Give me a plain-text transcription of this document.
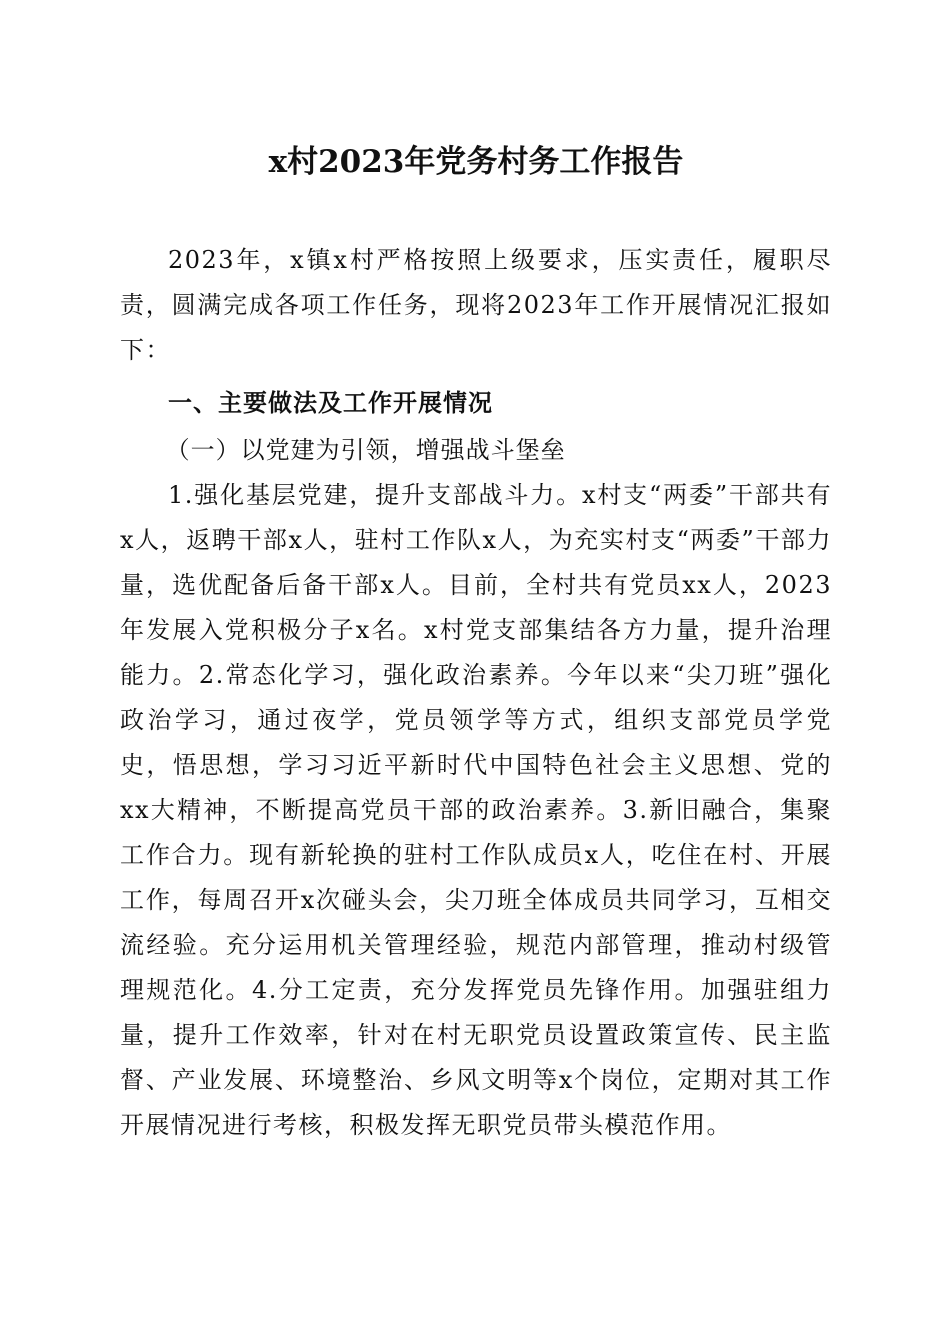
x村2023年党务村务工作报告

2023年，x镇x村严格按照上级要求，压实责任，履职尽责，圆满完成各项工作任务，现将2023年工作开展情况汇报如下：

一、主要做法及工作开展情况

（一）以党建为引领，增强战斗堡垒

1.强化基层党建，提升支部战斗力。x村支“两委”干部共有x人，返聘干部x人，驻村工作队x人，为充实村支“两委”干部力量，选优配备后备干部x人。目前，全村共有党员xx人，2023年发展入党积极分子x名。x村党支部集结各方力量，提升治理能力。2.常态化学习，强化政治素养。今年以来“尖刀班”强化政治学习，通过夜学，党员领学等方式，组织支部党员学党史，悟思想，学习习近平新时代中国特色社会主义思想、党的xx大精神，不断提高党员干部的政治素养。3.新旧融合，集聚工作合力。现有新轮换的驻村工作队成员x人，吃住在村、开展工作，每周召开x次碰头会，尖刀班全体成员共同学习，互相交流经验。充分运用机关管理经验，规范内部管理，推动村级管理规范化。4.分工定责，充分发挥党员先锋作用。加强驻组力量，提升工作效率，针对在村无职党员设置政策宣传、民主监督、产业发展、环境整治、乡风文明等x个岗位，定期对其工作开展情况进行考核，积极发挥无职党员带头模范作用。
